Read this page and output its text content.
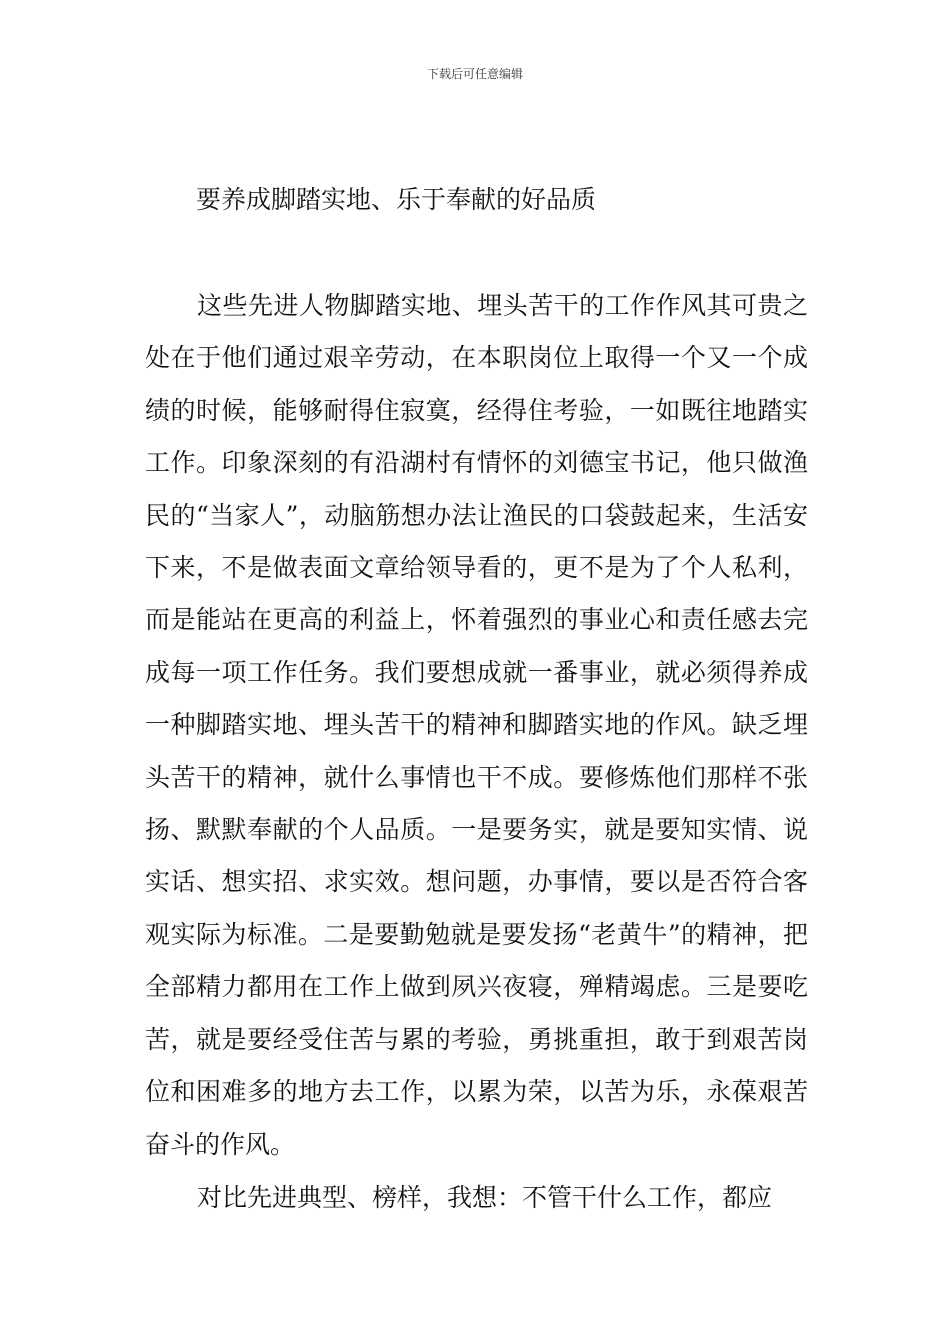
下载后可任意编辑
要养成脚踏实地、乐于奉献的好品质

这些先进人物脚踏实地、埋头苦干的工作作风其可贵之处在于他们通过艰辛劳动，在本职岗位上取得一个又一个成绩的时候，能够耐得住寂寞，经得住考验，一如既往地踏实工作。印象深刻的有沿湖村有情怀的刘德宝书记，他只做渔民的“当家人”，动脑筋想办法让渔民的口袋鼓起来，生活安下来，不是做表面文章给领导看的，更不是为了个人私利，而是能站在更高的利益上，怀着强烈的事业心和责任感去完成每一项工作任务。我们要想成就一番事业，就必须得养成一种脚踏实地、埋头苦干的精神和脚踏实地的作风。缺乏埋头苦干的精神，就什么事情也干不成。要修炼他们那样不张扬、默默奉献的个人品质。一是要务实，就是要知实情、说实话、想实招、求实效。想问题，办事情，要以是否符合客观实际为标准。二是要勤勉就是要发扬“老黄牛”的精神，把全部精力都用在工作上做到夙兴夜寝，殚精竭虑。三是要吃苦，就是要经受住苦与累的考验，勇挑重担，敢于到艰苦岗位和困难多的地方去工作，以累为荣，以苦为乐，永葆艰苦奋斗的作风。

对比先进典型、榜样，我想：不管干什么工作，都应
